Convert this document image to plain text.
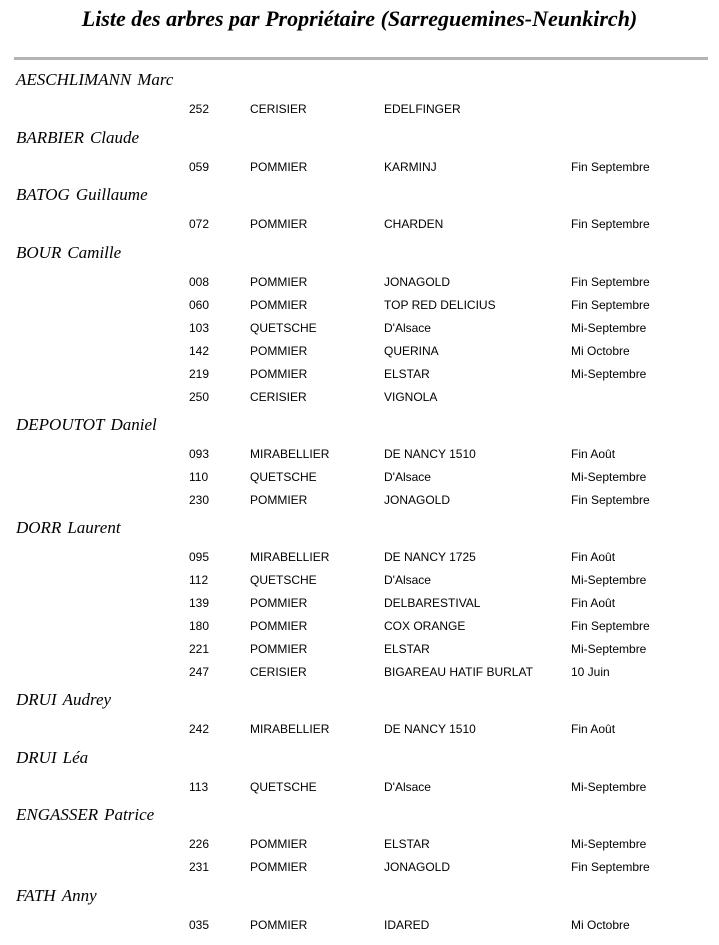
Liste des arbres par Propriétaire (Sarreguemines-Neunkirch)
AESCHLIMANN Marc
252	CERISIER	EDELFINGER
BARBIER Claude
059	POMMIER	KARMINJ	Fin Septembre
BATOG Guillaume
072	POMMIER	CHARDEN	Fin Septembre
BOUR Camille
008	POMMIER	JONAGOLD	Fin Septembre
060	POMMIER	TOP RED DELICIUS	Fin Septembre
103	QUETSCHE	D'Alsace	Mi-Septembre
142	POMMIER	QUERINA	Mi Octobre
219	POMMIER	ELSTAR	Mi-Septembre
250	CERISIER	VIGNOLA
DEPOUTOT Daniel
093	MIRABELLIER	DE NANCY 1510	Fin Août
110	QUETSCHE	D'Alsace	Mi-Septembre
230	POMMIER	JONAGOLD	Fin Septembre
DORR Laurent
095	MIRABELLIER	DE NANCY 1725	Fin Août
112	QUETSCHE	D'Alsace	Mi-Septembre
139	POMMIER	DELBARESTIVAL	Fin Août
180	POMMIER	COX ORANGE	Fin Septembre
221	POMMIER	ELSTAR	Mi-Septembre
247	CERISIER	BIGAREAU HATIF BURLAT	10 Juin
DRUI Audrey
242	MIRABELLIER	DE NANCY 1510	Fin Août
DRUI Léa
113	QUETSCHE	D'Alsace	Mi-Septembre
ENGASSER Patrice
226	POMMIER	ELSTAR	Mi-Septembre
231	POMMIER	JONAGOLD	Fin Septembre
FATH Anny
035	POMMIER	IDARED	Mi Octobre
